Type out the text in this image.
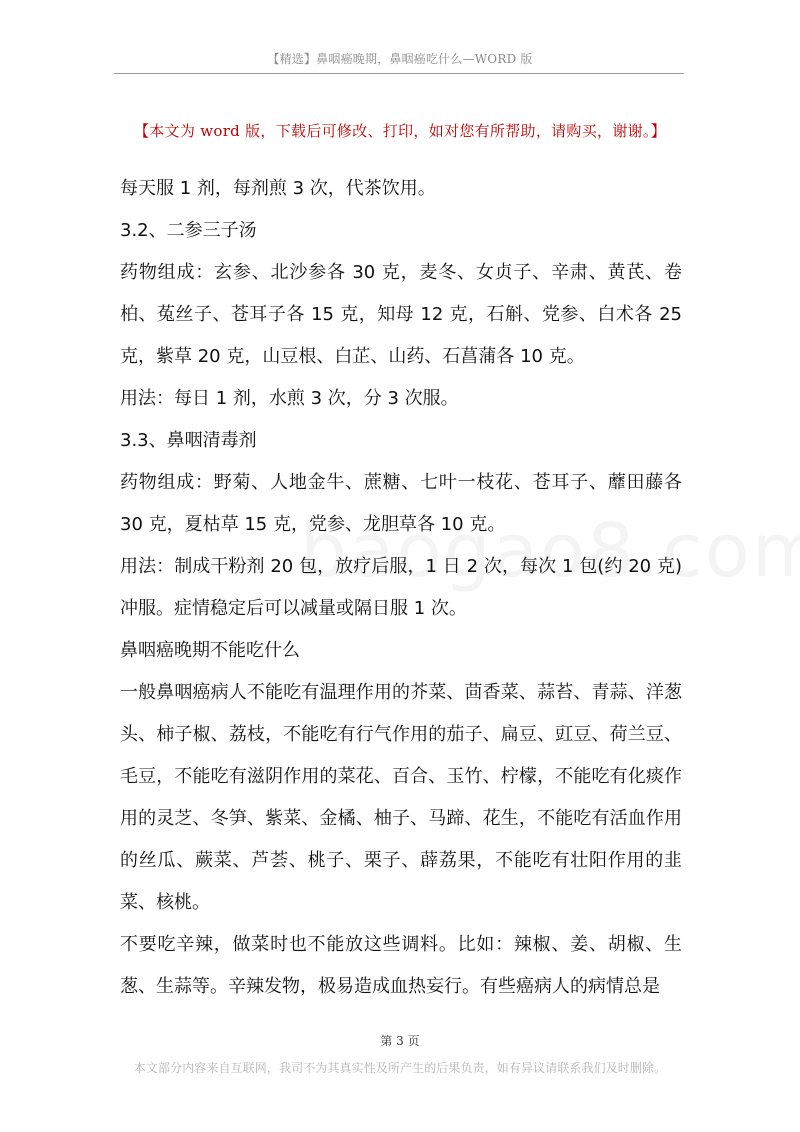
【精选】鼻咽癌晚期，鼻咽癌吃什么—WORD 版
【本文为 word 版，下载后可修改、打印，如对您有所帮助，请购买，谢谢。】

每天服 1 剂，每剂煎 3 次，代茶饮用。

3.2、二参三子汤

药物组成：玄参、北沙参各 30 克，麦冬、女贞子、辛肃、黄芪、卷柏、菟丝子、苍耳子各 15 克，知母 12 克，石斛、党参、白术各 25 克，紫草 20 克，山豆根、白芷、山药、石菖蒲各 10 克。

用法：每日 1 剂，水煎 3 次，分 3 次服。

3.3、鼻咽清毒剂

药物组成：野菊、人地金牛、蔗糖、七叶一枝花、苍耳子、蘼田藤各 30 克，夏枯草 15 克，党参、龙胆草各 10 克。

用法：制成干粉剂 20 包，放疗后服，1 日 2 次，每次 1 包(约 20 克)冲服。症情稳定后可以减量或隔日服 1 次。

鼻咽癌晚期不能吃什么

一般鼻咽癌病人不能吃有温理作用的芥菜、茴香菜、蒜苔、青蒜、洋葱头、柿子椒、荔枝，不能吃有行气作用的茄子、扁豆、豇豆、荷兰豆、毛豆，不能吃有滋阴作用的菜花、百合、玉竹、柠檬，不能吃有化痰作用的灵芝、冬笋、紫菜、金橘、柚子、马蹄、花生，不能吃有活血作用的丝瓜、蕨菜、芦荟、桃子、栗子、薜荔果，不能吃有壮阳作用的韭菜、核桃。

不要吃辛辣，做菜时也不能放这些调料。比如：辣椒、姜、胡椒、生葱、生蒜等。辛辣发物，极易造成血热妄行。有些癌病人的病情总是

第 3 页
本文部分内容来自互联网，我司不为其真实性及所产生的后果负责，如有异议请联系我们及时删除。
